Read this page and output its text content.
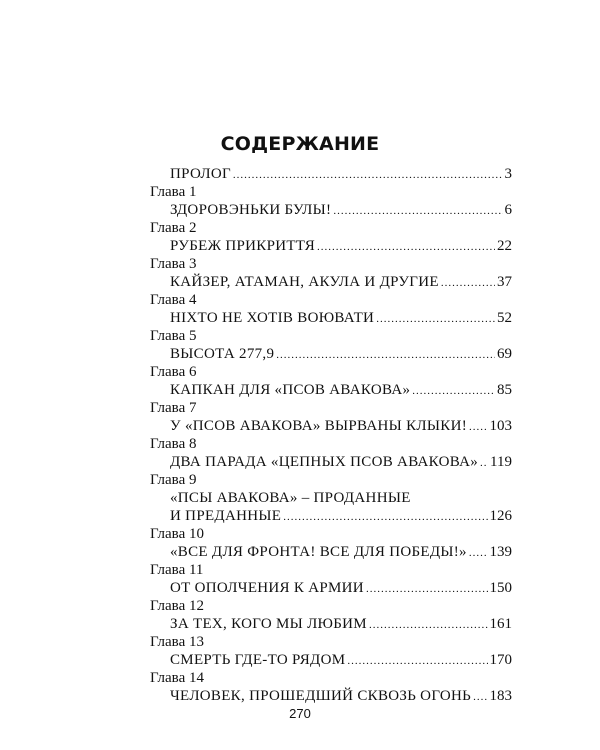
СОДЕРЖАНИЕ
ПРОЛОГ .....	3
Глава 1
ЗДОРОВЭНЬКИ БУЛЫ! .....	6
Глава 2
РУБЕЖ ПРИКРИТТЯ .....	22
Глава 3
КАЙЗЕР, АТАМАН, АКУЛА И ДРУГИЕ .....	37
Глава 4
НІХТО НЕ ХОТІВ ВОЮВАТИ .....	52
Глава 5
ВЫСОТА 277,9 .....	69
Глава 6
КАПКАН ДЛЯ «ПСОВ АВАКОВА» .....	85
Глава 7
У «ПСОВ АВАКОВА» ВЫРВАНЫ КЛЫКИ! ..... 103
Глава 8
ДВА ПАРАДА «ЦЕПНЫХ ПСОВ АВАКОВА» ..... 119
Глава 9
«ПСЫ АВАКОВА» – ПРОДАННЫЕ
И ПРЕДАННЫЕ .....	126
Глава 10
«ВСЕ ДЛЯ ФРОНТА! ВСЕ ДЛЯ ПОБЕДЫ!» ..... 139
Глава 11
ОТ ОПОЛЧЕНИЯ К АРМИИ .....	150
Глава 12
ЗА ТЕХ, КОГО МЫ ЛЮБИМ .....	161
Глава 13
СМЕРТЬ ГДЕ-ТО РЯДОМ .....	170
Глава 14
ЧЕЛОВЕК, ПРОШЕДШИЙ СКВОЗЬ ОГОНЬ ..... 183
270
